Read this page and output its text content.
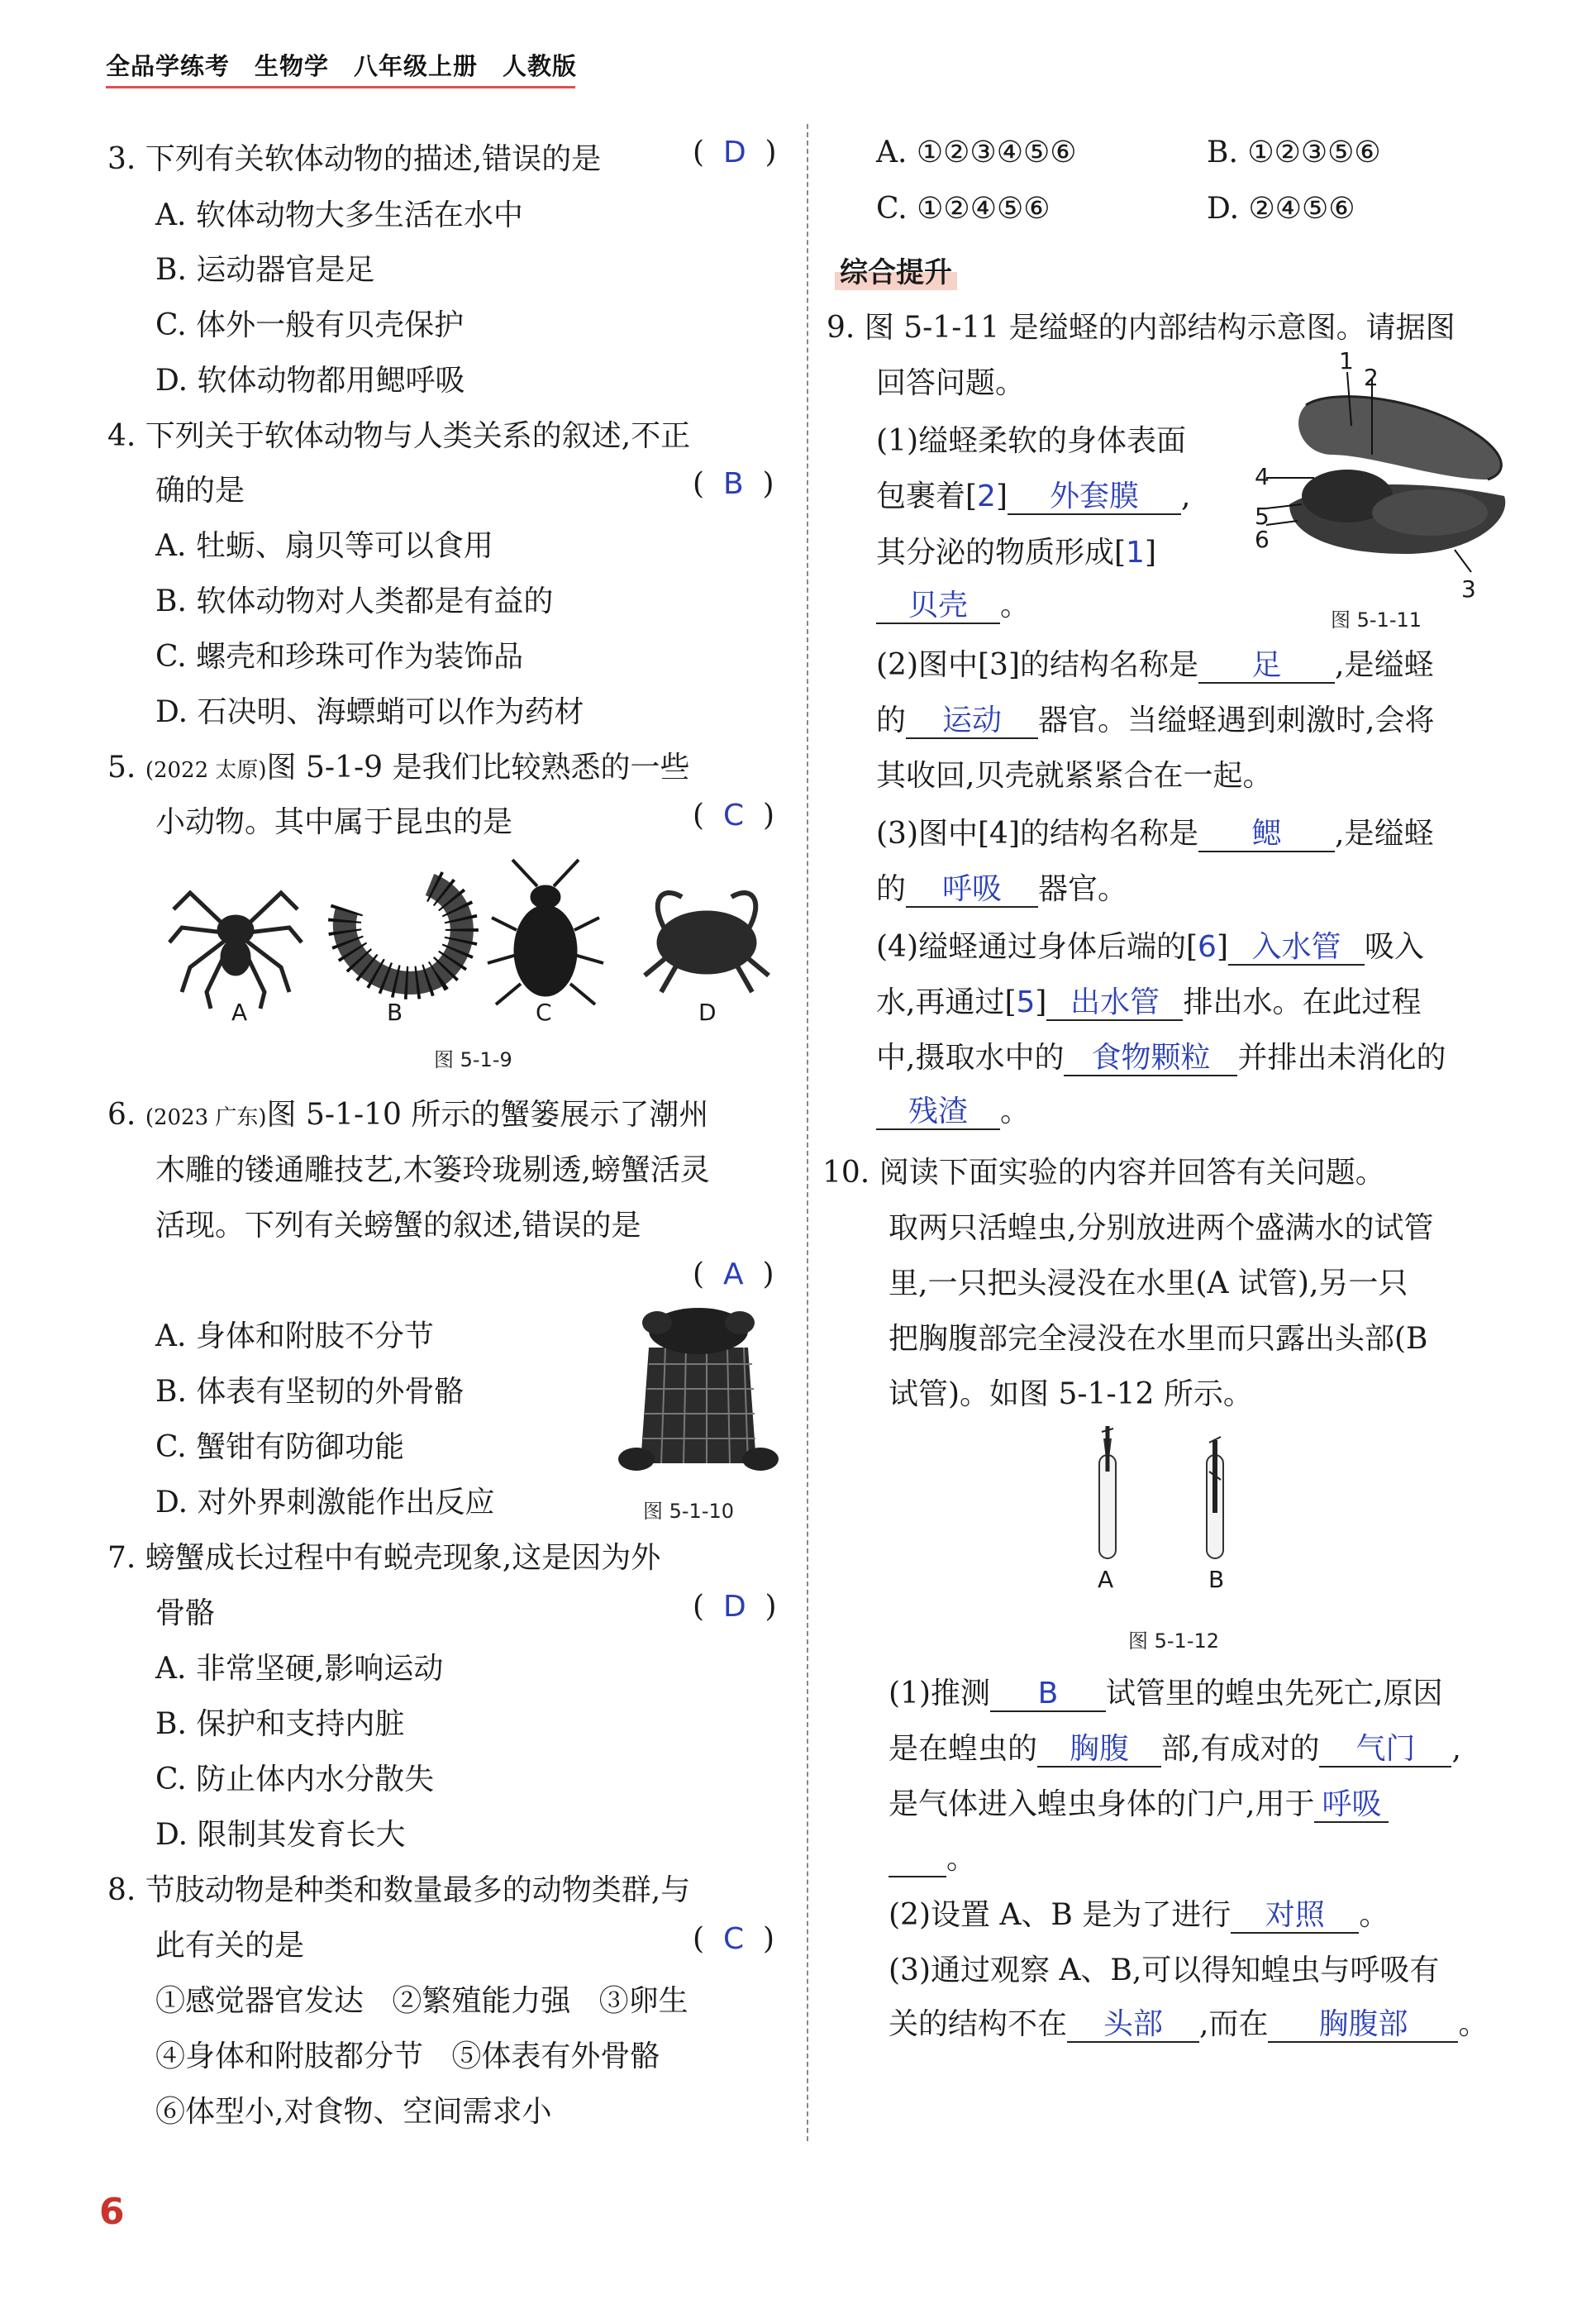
全品学练考 生物学 八年级上册 人教版
6
3. 下列有关软体动物的描述,错误的是	(  D  )
A. 软体动物大多生活在水中
B. 运动器官是足
C. 体外一般有贝壳保护
D. 软体动物都用鳃呼吸
4. 下列关于软体动物与人类关系的叙述,不正
确的是	(  B  )
A. 牡蛎、扇贝等可以食用
B. 软体动物对人类都是有益的
C. 螺壳和珍珠可作为装饰品
D. 石决明、海螵蛸可以作为药材
5. (2022 太原)图 5-1-9 是我们比较熟悉的一些
小动物。其中属于昆虫的是	(  C  )
A	B	C	D
图 5-1-9
6. (2023 广东)图 5-1-10 所示的蟹篓展示了潮州
木雕的镂通雕技艺,木篓玲珑剔透,螃蟹活灵
活现。下列有关螃蟹的叙述,错误的是
(  A  )
A. 身体和附肢不分节
B. 体表有坚韧的外骨骼
C. 蟹钳有防御功能
D. 对外界刺激能作出反应	图 5-1-10
7. 螃蟹成长过程中有蜕壳现象,这是因为外
骨骼	(  D  )
A. 非常坚硬,影响运动
B. 保护和支持内脏
C. 防止体内水分散失
D. 限制其发育长大
8. 节肢动物是种类和数量最多的动物类群,与
此有关的是	(  C  )
①感觉器官发达   ②繁殖能力强   ③卵生
④身体和附肢都分节   ⑤体表有外骨骼
⑥体型小,对食物、空间需求小
A. ①②③④⑤⑥	B. ①②③⑤⑥
C. ①②④⑤⑥	D. ②④⑤⑥
综合提升
9. 图 5-1-11 是缢蛏的内部结构示意图。请据图
回答问题。
1
2
3
4
5
6
图 5-1-11
(1)缢蛏柔软的身体表面
包裹着[2] 外套膜 ,
其分泌的物质形成[1]
贝壳 。
(2)图中[3]的结构名称是 足 ,是缢蛏
的 运动 器官。当缢蛏遇到刺激时,会将
其收回,贝壳就紧紧合在一起。
(3)图中[4]的结构名称是 鳃 ,是缢蛏
的 呼吸 器官。
(4)缢蛏通过身体后端的[6] 入水管 吸入
水,再通过[5] 出水管 排出水。在此过程
中,摄取水中的 食物颗粒 并排出未消化的
残渣 。
10. 阅读下面实验的内容并回答有关问题。
取两只活蝗虫,分别放进两个盛满水的试管
里,一只把头浸没在水里(A 试管),另一只
把胸腹部完全浸没在水里而只露出头部(B
试管)。如图 5-1-12 所示。
A	B
图 5-1-12
(1)推测 B 试管里的蝗虫先死亡,原因
是在蝗虫的 胸腹 部,有成对的 气门 ,
是气体进入蝗虫身体的门户,用于 呼吸
。
(2)设置 A、B 是为了进行 对照 。
(3)通过观察 A、B,可以得知蝗虫与呼吸有
关的结构不在 头部 ,而在 胸腹部 。
